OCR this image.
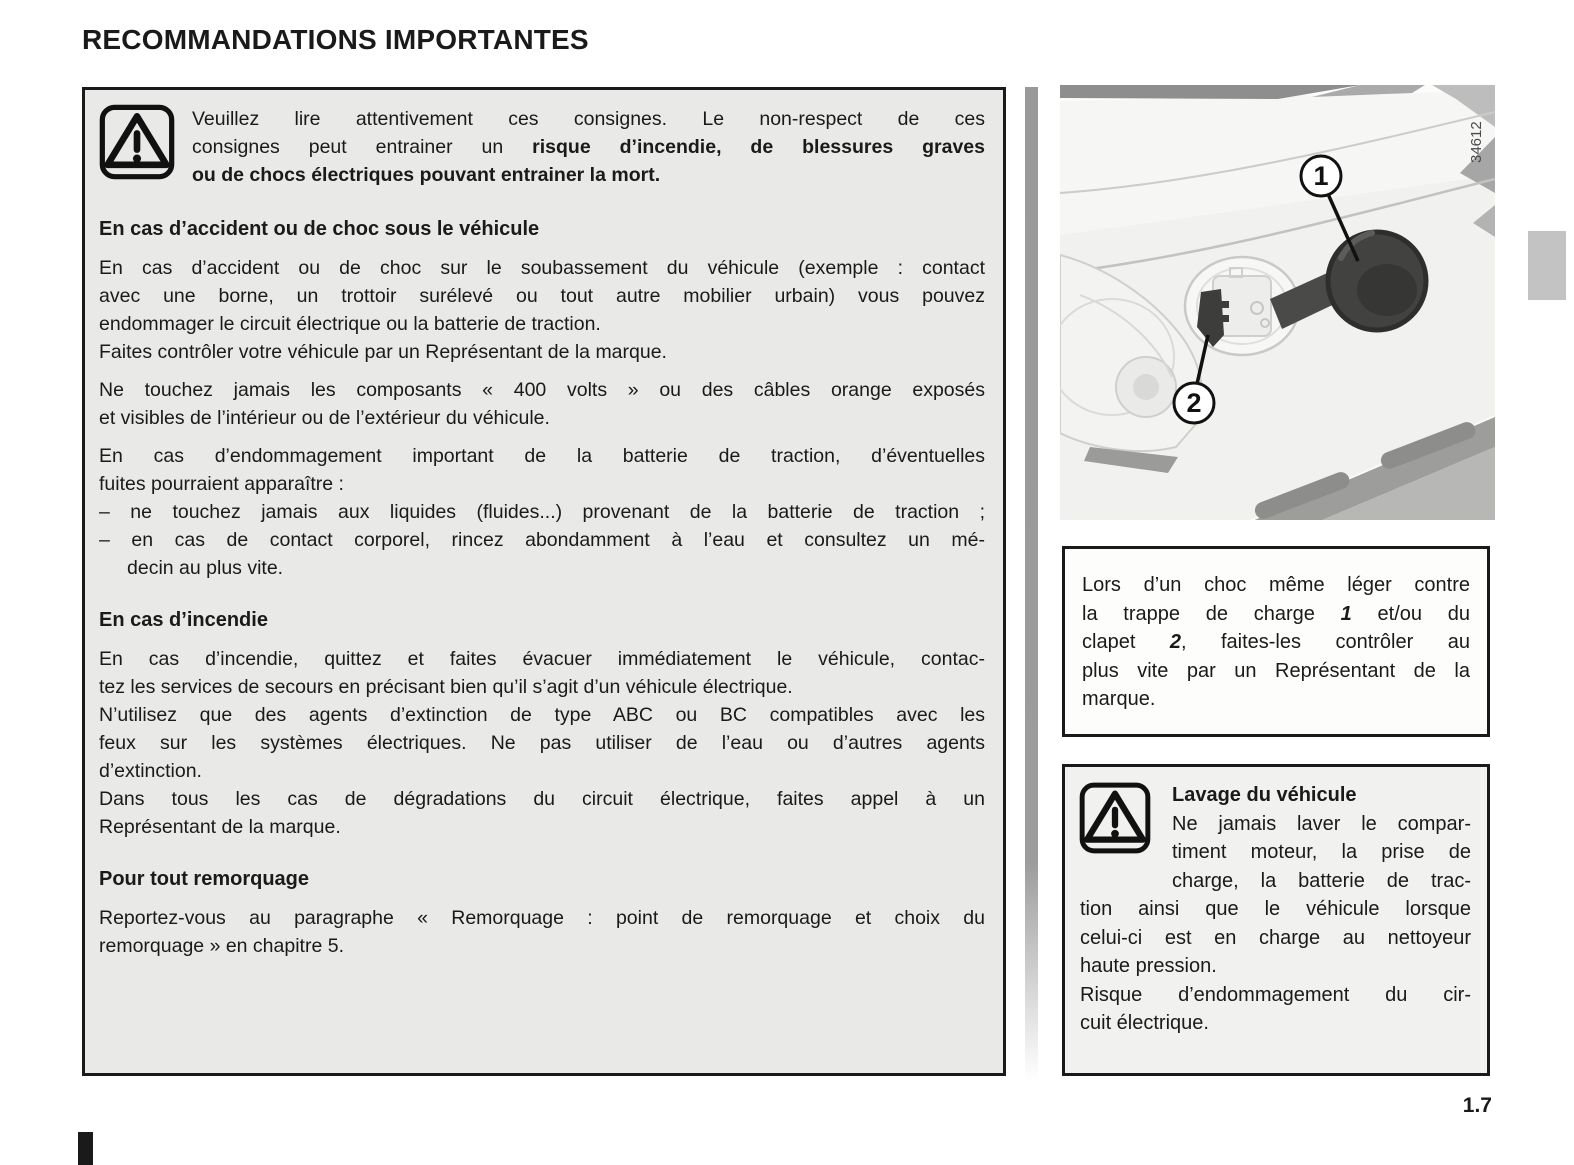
RECOMMANDATIONS IMPORTANTES
Veuillez lire attentivement ces consignes. Le non-respect de ces
consignes peut entrainer un risque d’incendie, de blessures graves
ou de chocs électriques pouvant entrainer la mort.
En cas d’accident ou de choc sous le véhicule
En cas d’accident ou de choc sur le soubassement du véhicule (exemple : contact
avec une borne, un trottoir surélevé ou tout autre mobilier urbain) vous pouvez
endommager le circuit électrique ou la batterie de traction.
Faites contrôler votre véhicule par un Représentant de la marque.
Ne touchez jamais les composants « 400 volts » ou des câbles orange exposés
et visibles de l’intérieur ou de l’extérieur du véhicule.
En cas d’endommagement important de la batterie de traction, d’éventuelles
fuites pourraient apparaître :
– ne touchez jamais aux liquides (fluides...) provenant de la batterie de traction ;
– en cas de contact corporel, rincez abondamment à l’eau et consultez un mé-
decin au plus vite.
En cas d’incendie
En cas d’incendie, quittez et faites évacuer immédiatement le véhicule, contac-
tez les services de secours en précisant bien qu’il s’agit d’un véhicule électrique.
N’utilisez que des agents d’extinction de type ABC ou BC compatibles avec les
feux sur les systèmes électriques. Ne pas utiliser de l’eau ou d’autres agents
d’extinction.
Dans tous les cas de dégradations du circuit électrique, faites appel à un
Représentant de la marque.
Pour tout remorquage
Reportez-vous au paragraphe « Remorquage : point de remorquage et choix du
remorquage » en chapitre 5.
1
2
34612
Lors d’un choc même léger contre
la trappe de charge 1 et/ou du
clapet 2, faites-les contrôler au
plus vite par un Représentant de la
marque.
Lavage du véhicule
Ne jamais laver le compar-
timent moteur, la prise de
charge, la batterie de trac-
tion ainsi que le véhicule lorsque
celui-ci est en charge au nettoyeur
haute pression.
Risque d’endommagement du cir-
cuit électrique.
1.7
